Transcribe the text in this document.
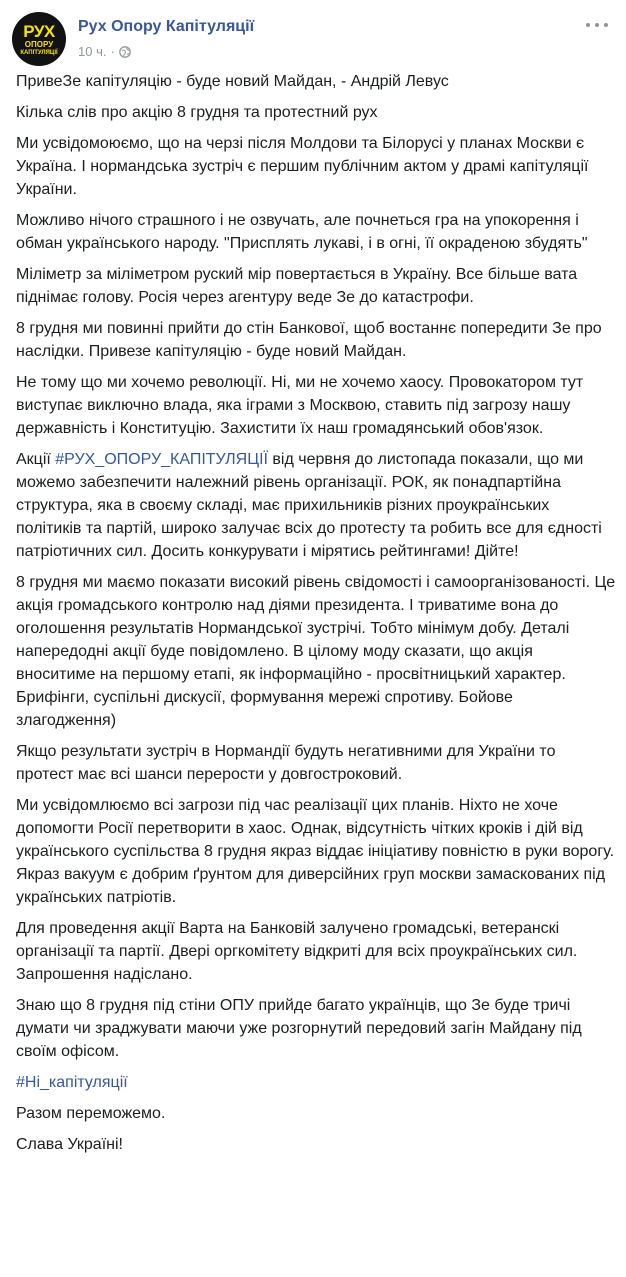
РУХ
ОПОРУ
КАПІТУЛЯЦІЇ
Рух Опору Капітуляції
10 ч. ·

ПривеЗе капітуляцію - буде новий Майдан, - Андрій Левус

Кілька слів про акцію 8 грудня та протестний рух

Ми усвідомоюємо, що на черзі після Молдови та Білорусі у планах Москви є Україна. І нормандська зустріч є першим публічним актом у драмі капітуляції України.

Можливо нічого страшного і не озвучать, але почнеться гра на упокорення і обман українського народу. "Присплять лукаві, і в огні, її окраденою збудять"

Міліметр за міліметром руский мір повертається в Україну. Все більше вата піднімає голову. Росія через агентуру веде Зе до катастрофи.

8 грудня ми повинні прийти до стін Банкової, щоб востаннє попередити Зе про наслідки. Привезе капітуляцію - буде новий Майдан.

Не тому що ми хочемо революції. Ні, ми не хочемо хаосу. Провокатором тут виступає виключно влада, яка іграми з Москвою, ставить під загрозу нашу державність і Конституцію. Захистити їх наш громадянський обов'язок.

Акції #РУХ_ОПОРУ_КАПІТУЛЯЦІЇ від червня до листопада показали, що ми можемо забезпечити належний рівень організації. РОК, як понадпартійна структура, яка в своєму складі, має прихильників різних проукраїнських політиків та партій, широко залучає всіх до протесту та робить все для єдності патріотичних сил. Досить конкурувати і мірятись рейтингами! Дійте!

8 грудня ми маємо показати високий рівень свідомості і самоорганізованості. Це акція громадського контролю над діями президента. І триватиме вона до оголошення результатів Нормандської зустрічі. Тобто мінімум добу. Деталі напередодні акції буде повідомлено. В цілому моду сказати, що акція вноситиме на першому етапі, як інформаційно - просвітницький характер. Брифінги, суспільні дискусії, формування мережі спротиву. Бойове злагодження)

Якщо результати зустріч в Нормандії будуть негативними для України то протест має всі шанси перерости у довгостроковий.

Ми усвідомлюємо всі загрози під час реалізації цих планів. Ніхто не хоче допомогти Росії перетворити в хаос. Однак, відсутність чітких кроків і дій від українського суспільства 8 грудня якраз віддає ініціативу повністю в руки ворогу. Якраз вакуум є добрим ґрунтом для диверсійних груп москви замаскованих під українських патріотів.

Для проведення акції Варта на Банковій залучено громадські, ветеранскі організації та партії. Двері оргкомітету відкриті для всіх проукраїнських сил. Запрошення надіслано.

Знаю що 8 грудня під стіни ОПУ прийде багато українців, що Зе буде тричі думати чи зраджувати маючи уже розгорнутий передовий загін Майдану під своїм офісом.

#Ні_капітуляції

Разом переможемо.

Слава Україні!
